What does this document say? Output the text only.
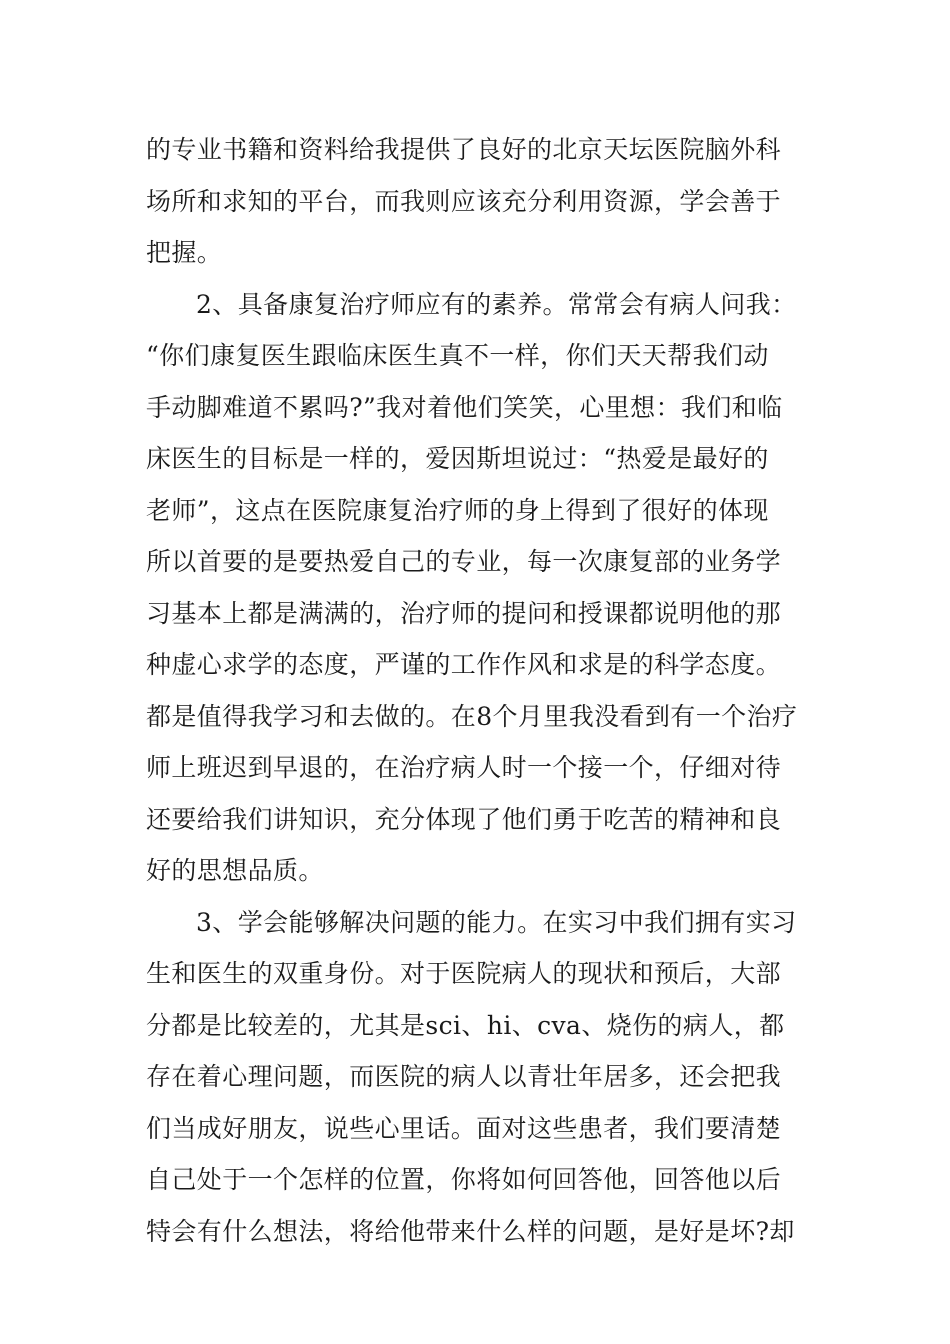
的专业书籍和资料给我提供了良好的北京天坛医院脑外科
场所和求知的平台，而我则应该充分利用资源，学会善于
把握。
2、具备康复治疗师应有的素养。常常会有病人问我：
“你们康复医生跟临床医生真不一样，你们天天帮我们动
手动脚难道不累吗?”我对着他们笑笑，心里想：我们和临
床医生的目标是一样的，爱因斯坦说过：“热爱是最好的
老师”，这点在医院康复治疗师的身上得到了很好的体现
所以首要的是要热爱自己的专业，每一次康复部的业务学
习基本上都是满满的，治疗师的提问和授课都说明他的那
种虚心求学的态度，严谨的工作作风和求是的科学态度。
都是值得我学习和去做的。在8个月里我没看到有一个治疗
师上班迟到早退的，在治疗病人时一个接一个，仔细对待
还要给我们讲知识，充分体现了他们勇于吃苦的精神和良
好的思想品质。
3、学会能够解决问题的能力。在实习中我们拥有实习
生和医生的双重身份。对于医院病人的现状和预后，大部
分都是比较差的，尤其是sci、hi、cva、烧伤的病人，都
存在着心理问题，而医院的病人以青壮年居多，还会把我
们当成好朋友，说些心里话。面对这些患者，我们要清楚
自己处于一个怎样的位置，你将如何回答他，回答他以后
特会有什么想法，将给他带来什么样的问题，是好是坏?却
